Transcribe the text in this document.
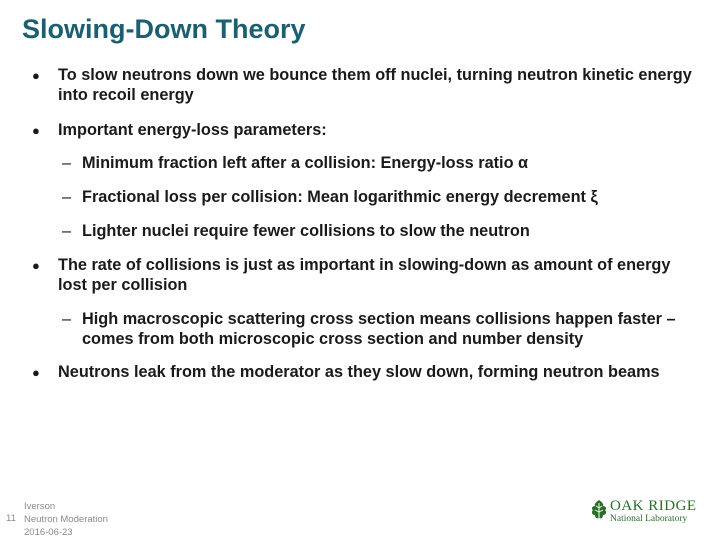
Slowing-Down Theory
● To slow neutrons down we bounce them off nuclei, turning neutron kinetic energy into recoil energy
● Important energy-loss parameters:
– Minimum fraction left after a collision: Energy-loss ratio α
– Fractional loss per collision: Mean logarithmic energy decrement ξ
– Lighter nuclei require fewer collisions to slow the neutron
● The rate of collisions is just as important in slowing-down as amount of energy lost per collision
– High macroscopic scattering cross section means collisions happen faster – comes from both microscopic cross section and number density
● Neutrons leak from the moderator as they slow down, forming neutron beams
11
Iverson
Neutron Moderation
2016-06-23
OAK RIDGE
National Laboratory
